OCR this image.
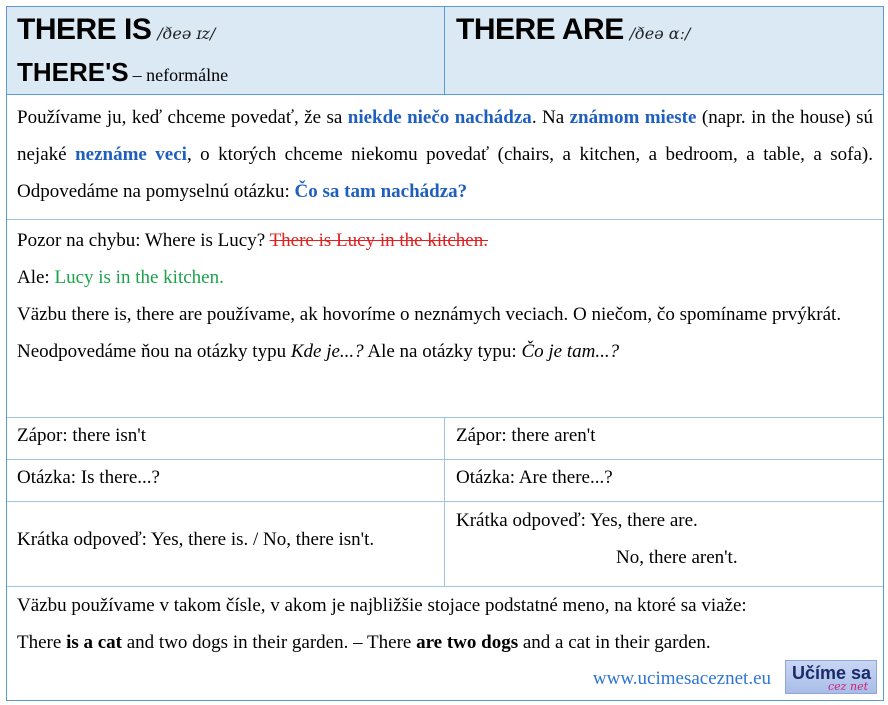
THERE IS /ðeə ɪz/
THERE'S – neformálne
THERE ARE /ðeə ɑː/

Používame ju, keď chceme povedať, že sa niekde niečo nachádza. Na známom mieste (napr. in the house) sú nejaké neznáme veci, o ktorých chceme niekomu povedať (chairs, a kitchen, a bedroom, a table, a sofa). Odpovedáme na pomyselnú otázku: Čo sa tam nachádza?

Pozor na chybu: Where is Lucy? There is Lucy in the kitchen.
Ale: Lucy is in the kitchen.
Väzbu there is, there are používame, ak hovoríme o neznámych veciach. O niečom, čo spomíname prvýkrát.
Neodpovedáme ňou na otázky typu Kde je...? Ale na otázky typu: Čo je tam...?
Zápor: there isn't	Zápor: there aren't
Otázka: Is there...?	Otázka: Are there...?
Krátka odpoveď: Yes, there is. / No, there isn't.
Krátka odpoveď: Yes, there are.
No, there aren't.
Väzbu používame v takom čísle, v akom je najbližšie stojace podstatné meno, na ktoré sa viaže:
There is a cat and two dogs in their garden. – There are two dogs and a cat in their garden.
www.ucimesaceznet.eu Učíme sa
cez net
